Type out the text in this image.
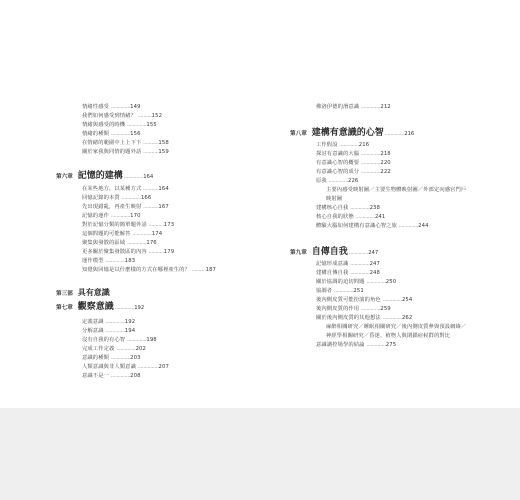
情緒性感受 ..............149
我們如何感受到情緒？ ..........152
情緒與感受的時機 ..............155
情緒的種類 ..............156
在情緒的範圍中上上下下 ...........158
關於家我與同情的題外話 ...........159
第六章 記憶的建構 .............. 164
在某些地方，以某種方式 ...........164
回憶記錄的本質 ..............166
先出現錯亂，再產生映射 ...........167
記憶的運作 ..............170
對於記憶分類的簡單題外話 ...........173
這個問題的可能解答 ..............174
聚集與發散的區域 ..............176
更多關於聚集發散區的內容 ...........179
運作模型 ..............183
知覺與回憶是以什麼樣的方式在哪裡產生的？ ..........187
第三部 具有意識
第七章 觀察意識 .............. 192
定義意識 ..............192
分解意識 ..............194
沒有自我的有心智 ..............198
完成工作定義 ..............202
意識的種類 ..............203
人類意識與非人類意識 ...............207
意識不是一 ..............208
佛洛伊德的潛意識 ..............212
第八章 建構有意識的心智 .............. 216
工作假設 ..............216
探討有意識的大腦 ..............218
有意識心智的概要 ..............220
有意識心智的成分 ..............222
原我 ..............226
主要內感受映射圖／主要生物體映射圖／外部定向感官門戶
映射圖
建構核心自我 ..............238
核心自我的狀態 ..............241
體驗大腦如何建構有意識心智之旅 ..............244
第九章 自傳自我 .............. 247
記憶形成意識 ..............247
建構自傳自我 ..............248
關於協調的迫切問題 ..............250
協調者 ..............251
後內側皮質可能扮演的角色 ..............254
後內側皮質的作用 ..............259
關於後內側皮質的其他想法 ..............262
麻醉相關研究／睡眠相關研究／後內側皮質參與預設網絡／
神經學相關研究／昏迷、植物人與閉鎖症候群的對比
意識調控場學的結論 ..............275
